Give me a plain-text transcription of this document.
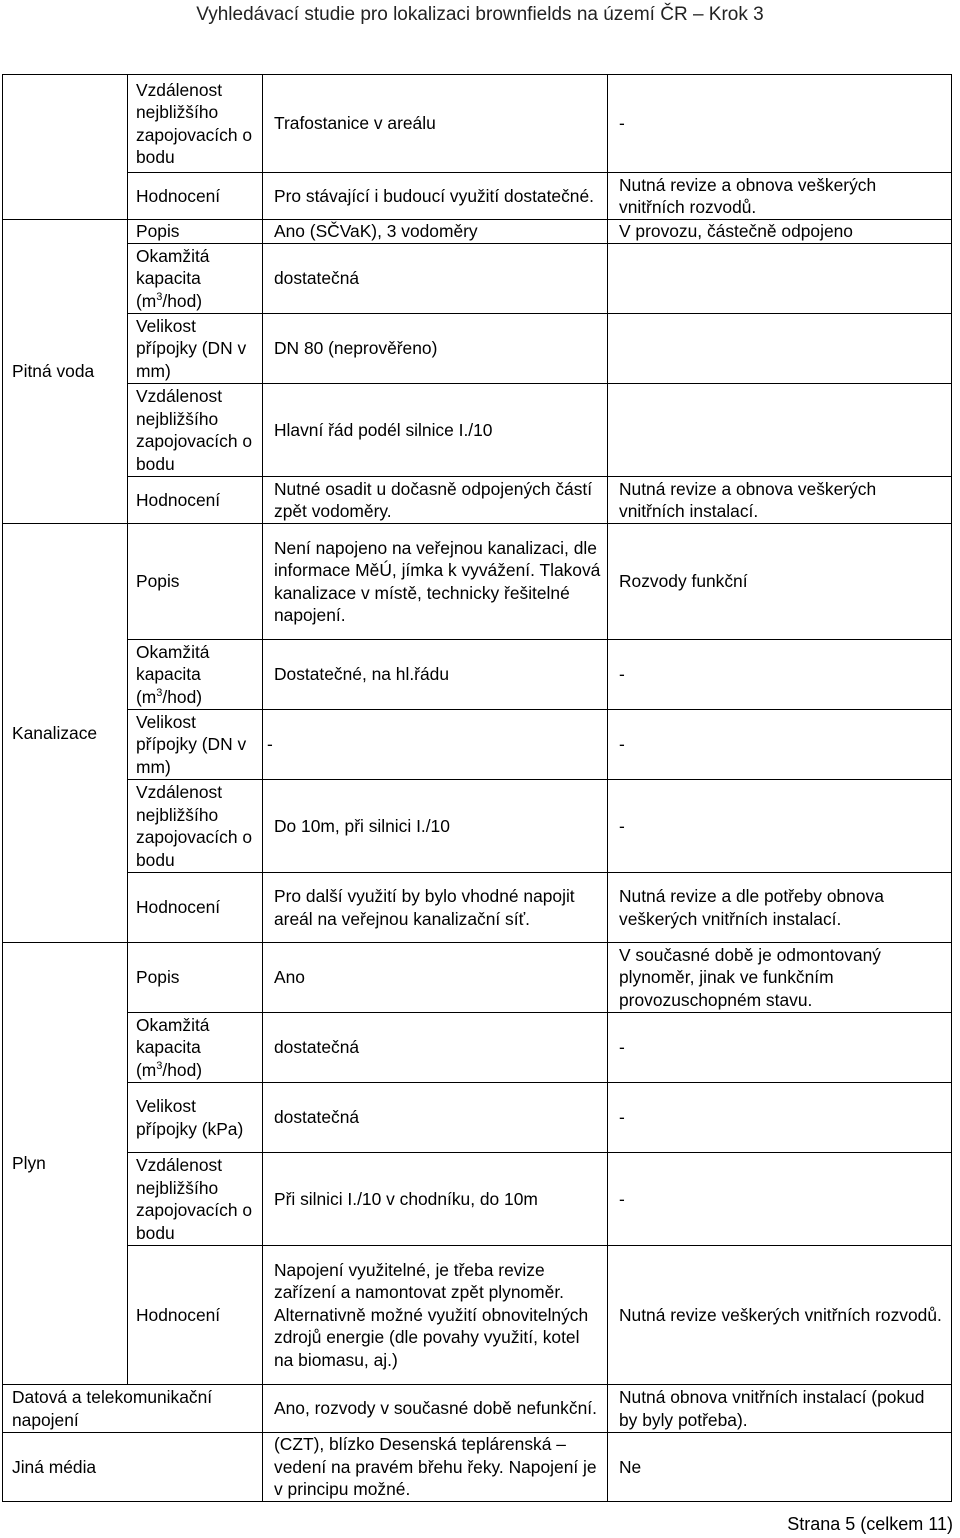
Vyhledávací studie pro lokalizaci brownfields na území ČR – Krok 3
	Vzdálenost nejbližšího zapojovacích o bodu	Trafostanice v areálu	-
	Hodnocení	Pro stávající i budoucí využití dostatečné.	Nutná revize a obnova veškerých vnitřních rozvodů.
Pitná voda	Popis	Ano (SČVaK), 3 vodoměry	V provozu, částečně odpojeno
	Okamžitá kapacita $(m^3/hod)$	dostatečná	
	Velikost přípojky (DN v mm)	DN 80 (neprověřeno)	
	Vzdálenost nejbližšího zapojovacích o bodu	Hlavní řád podél silnice I./10	
	Hodnocení	Nutné osadit u dočasně odpojených částí zpět vodoměry.	Nutná revize a obnova veškerých vnitřních instalací.
Kanalizace	Popis	Není napojeno na veřejnou kanalizaci, dle informace MěÚ, jímka k vyvážení. Tlaková kanalizace v místě, technicky řešitelné napojení.	Rozvody funkční
	Okamžitá kapacita $(m^3/hod)$	Dostatečné, na hl.řádu	-
	Velikost přípojky (DN v mm)	-	-
	Vzdálenost nejbližšího zapojovacích o bodu	Do 10m, při silnici I./10	-
	Hodnocení	Pro další využití by bylo vhodné napojit areál na veřejnou kanalizační síť.	Nutná revize a dle potřeby obnova veškerých vnitřních instalací.
Plyn	Popis	Ano	V současné době je odmontovaný plynoměr, jinak ve funkčním provozuschopném stavu.
	Okamžitá kapacita $(m^3/hod)$	dostatečná	-
	Velikost přípojky (kPa)	dostatečná	-
	Vzdálenost nejbližšího zapojovacích o bodu	Při silnici I./10 v chodníku, do 10m	-
	Hodnocení	Napojení využitelné, je třeba revize zařízení a namontovat zpět plynoměr. Alternativně možné využití obnovitelných zdrojů energie (dle povahy využití, kotel na biomasu, aj.)	Nutná revize veškerých vnitřních rozvodů.
Datová a telekomunikační napojení		Ano, rozvody v současné době nefunkční.	Nutná obnova vnitřních instalací (pokud by byly potřeba).
Jiná média		(CZT), blízko Desenská teplárenská – vedení na pravém břehu řeky. Napojení je v principu možné.	Ne
Strana 5 (celkem 11)
